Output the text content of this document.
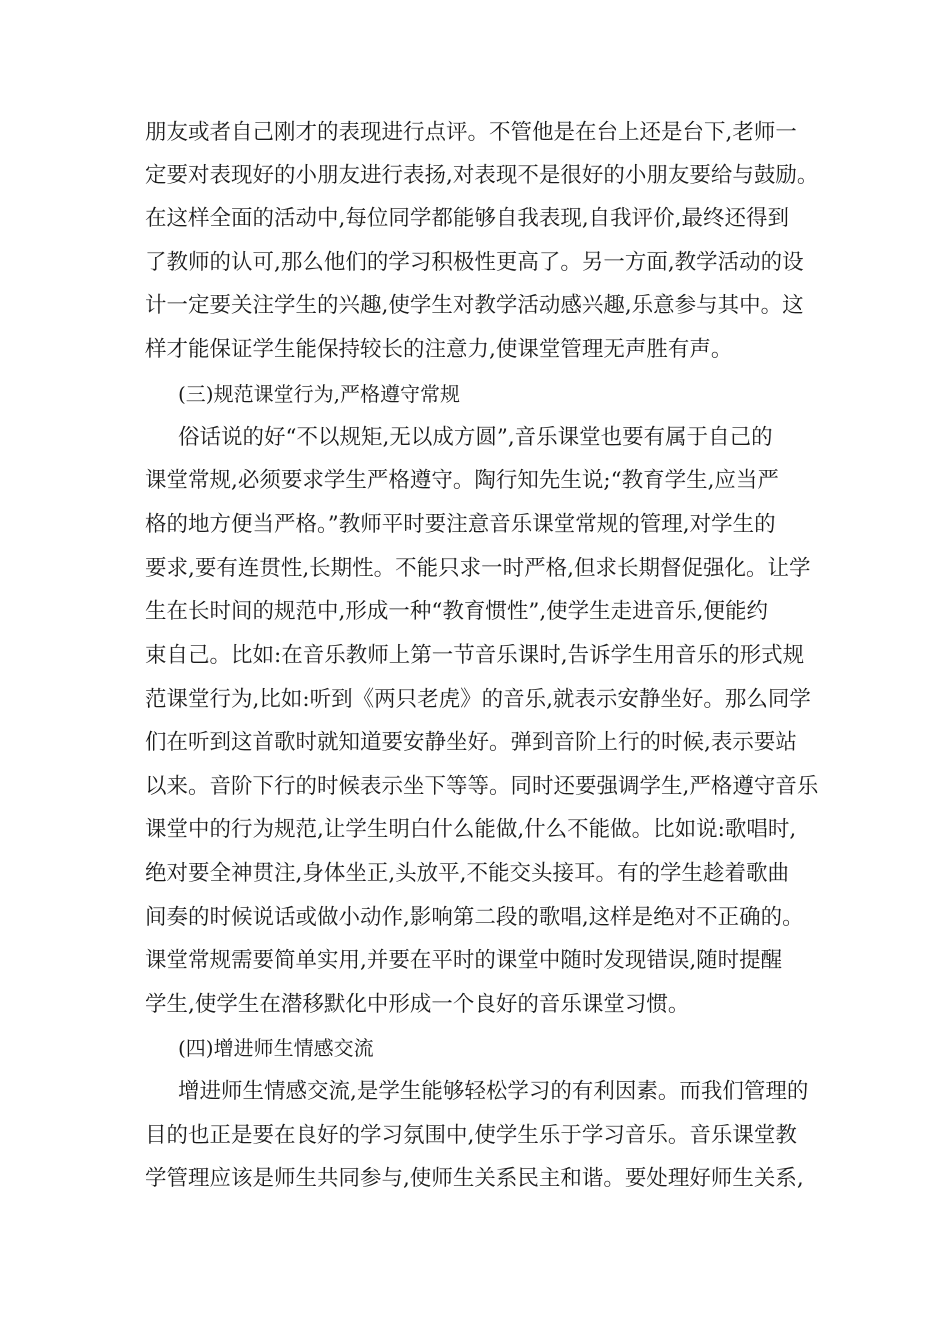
朋友或者自己刚才的表现进行点评。不管他是在台上还是台下,老师一
定要对表现好的小朋友进行表扬,对表现不是很好的小朋友要给与鼓励。
在这样全面的活动中,每位同学都能够自我表现,自我评价,最终还得到
了教师的认可,那么他们的学习积极性更高了。另一方面,教学活动的设
计一定要关注学生的兴趣,使学生对教学活动感兴趣,乐意参与其中。这
样才能保证学生能保持较长的注意力,使课堂管理无声胜有声。
(三)规范课堂行为,严格遵守常规
俗话说的好“不以规矩,无以成方圆”,音乐课堂也要有属于自己的
课堂常规,必须要求学生严格遵守。陶行知先生说;“教育学生,应当严
格的地方便当严格。”教师平时要注意音乐课堂常规的管理,对学生的
要求,要有连贯性,长期性。不能只求一时严格,但求长期督促强化。让学
生在长时间的规范中,形成一种“教育惯性”,使学生走进音乐,便能约
束自己。比如:在音乐教师上第一节音乐课时,告诉学生用音乐的形式规
范课堂行为,比如:听到《两只老虎》的音乐,就表示安静坐好。那么同学
们在听到这首歌时就知道要安静坐好。弹到音阶上行的时候,表示要站
以来。音阶下行的时候表示坐下等等。同时还要强调学生,严格遵守音乐
课堂中的行为规范,让学生明白什么能做,什么不能做。比如说:歌唱时,
绝对要全神贯注,身体坐正,头放平,不能交头接耳。有的学生趁着歌曲
间奏的时候说话或做小动作,影响第二段的歌唱,这样是绝对不正确的。
课堂常规需要简单实用,并要在平时的课堂中随时发现错误,随时提醒
学生,使学生在潜移默化中形成一个良好的音乐课堂习惯。
(四)增进师生情感交流
增进师生情感交流,是学生能够轻松学习的有利因素。而我们管理的
目的也正是要在良好的学习氛围中,使学生乐于学习音乐。音乐课堂教
学管理应该是师生共同参与,使师生关系民主和谐。要处理好师生关系,
